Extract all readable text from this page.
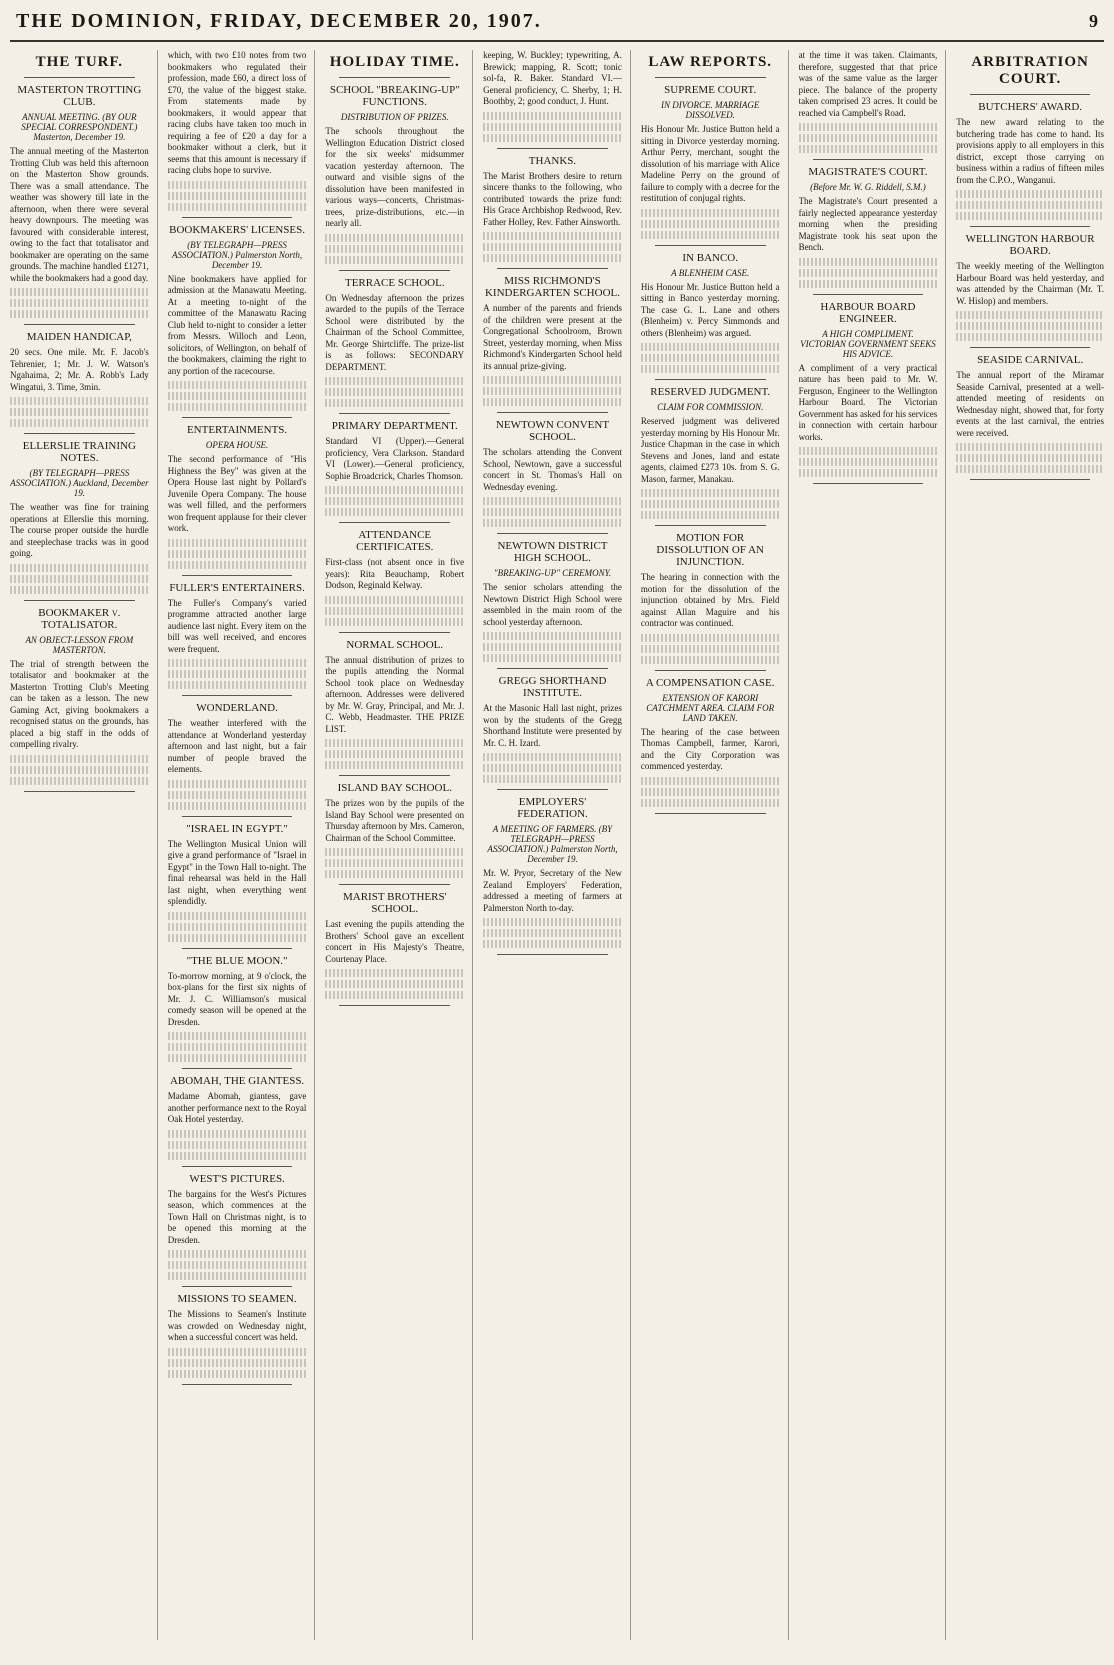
THE DOMINION, FRIDAY, DECEMBER 20, 1907.	9
THE TURF.
MASTERTON TROTTING CLUB.
ANNUAL MEETING. (BY OUR SPECIAL CORRESPONDENT.) Masterton, December 19.

The annual meeting of the Masterton Trotting Club was held this afternoon on the Masterton Show grounds. There was a small attendance. The weather was showery till late in the afternoon, when there were several heavy downpours. The meeting was favoured with considerable interest, owing to the fact that totalisator and bookmaker are operating on the same grounds. The machine handled £1271, while the bookmakers had a good day.

MAIDEN HANDICAP,

20 secs. One mile. Mr. F. Jacob's Tehrenier, 1; Mr. J. W. Watson's Ngahaima, 2; Mr. A. Robb's Lady Wingatui, 3. Time, 3min.

ELLERSLIE TRAINING NOTES.
(BY TELEGRAPH—PRESS ASSOCIATION.) Auckland, December 19.

The weather was fine for training operations at Ellerslie this morning. The course proper outside the hurdle and steeplechase tracks was in good going.

BOOKMAKER v. TOTALISATOR.
AN OBJECT-LESSON FROM MASTERTON.

The trial of strength between the totalisator and bookmaker at the Masterton Trotting Club's Meeting can be taken as a lesson. The new Gaming Act, giving bookmakers a recognised status on the grounds, has placed a big staff in the odds of compelling rivalry.

which, with two £10 notes from two bookmakers who regulated their profession, made £60, a direct loss of £70, the value of the biggest stake. From statements made by bookmakers, it would appear that racing clubs have taken too much in requiring a fee of £20 a day for a bookmaker without a clerk, but it seems that this amount is necessary if racing clubs hope to survive.

BOOKMAKERS' LICENSES.
(BY TELEGRAPH—PRESS ASSOCIATION.) Palmerston North, December 19.

Nine bookmakers have applied for admission at the Manawatu Meeting. At a meeting to-night of the committee of the Manawatu Racing Club held to-night to consider a letter from Messrs. Willoch and Leon, solicitors, of Wellington, on behalf of the bookmakers, claiming the right to any portion of the racecourse.

ENTERTAINMENTS.
OPERA HOUSE.

The second performance of "His Highness the Bey" was given at the Opera House last night by Pollard's Juvenile Opera Company. The house was well filled, and the performers won frequent applause for their clever work.

FULLER'S ENTERTAINERS.

The Fuller's Company's varied programme attracted another large audience last night. Every item on the bill was well received, and encores were frequent.

WONDERLAND.

The weather interfered with the attendance at Wonderland yesterday afternoon and last night, but a fair number of people braved the elements.

"ISRAEL IN EGYPT."

The Wellington Musical Union will give a grand performance of "Israel in Egypt" in the Town Hall to-night. The final rehearsal was held in the Hall last night, when everything went splendidly.

"THE BLUE MOON."

To-morrow morning, at 9 o'clock, the box-plans for the first six nights of Mr. J. C. Williamson's musical comedy season will be opened at the Dresden.

ABOMAH, THE GIANTESS.

Madame Abomah, giantess, gave another performance next to the Royal Oak Hotel yesterday.

WEST'S PICTURES.

The bargains for the West's Pictures season, which commences at the Town Hall on Christmas night, is to be opened this morning at the Dresden.

MISSIONS TO SEAMEN.

The Missions to Seamen's Institute was crowded on Wednesday night, when a successful concert was held.

HOLIDAY TIME.
SCHOOL "BREAKING-UP" FUNCTIONS.
DISTRIBUTION OF PRIZES.

The schools throughout the Wellington Education District closed for the six weeks' midsummer vacation yesterday afternoon. The outward and visible signs of the dissolution have been manifested in various ways—concerts, Christmas-trees, prize-distributions, etc.—in nearly all.

TERRACE SCHOOL.

On Wednesday afternoon the prizes awarded to the pupils of the Terrace School were distributed by the Chairman of the School Committee, Mr. George Shirtcliffe. The prize-list is as follows: SECONDARY DEPARTMENT.

PRIMARY DEPARTMENT.

Standard VI (Upper).—General proficiency, Vera Clarkson. Standard VI (Lower).—General proficiency, Sophie Broadcrick, Charles Thomson.

ATTENDANCE CERTIFICATES.

First-class (not absent once in five years): Rita Beauchamp, Robert Dodson, Reginald Kelway.

NORMAL SCHOOL.

The annual distribution of prizes to the pupils attending the Normal School took place on Wednesday afternoon. Addresses were delivered by Mr. W. Gray, Principal, and Mr. J. C. Webb, Headmaster. THE PRIZE LIST.

ISLAND BAY SCHOOL.

The prizes won by the pupils of the Island Bay School were presented on Thursday afternoon by Mrs. Cameron, Chairman of the School Committee.

MARIST BROTHERS' SCHOOL.

Last evening the pupils attending the Brothers' School gave an excellent concert in His Majesty's Theatre, Courtenay Place.

keeping, W. Buckley; typewriting, A. Brewick; mapping, R. Scott; tonic sol-fa, R. Baker. Standard VI.—General proficiency, C. Sherby, 1; H. Boothby, 2; good conduct, J. Hunt.

THANKS.

The Marist Brothers desire to return sincere thanks to the following, who contributed towards the prize fund: His Grace Archbishop Redwood, Rev. Father Holley, Rev. Father Ainsworth.

MISS RICHMOND'S KINDERGARTEN SCHOOL.

A number of the parents and friends of the children were present at the Congregational Schoolroom, Brown Street, yesterday morning, when Miss Richmond's Kindergarten School held its annual prize-giving.

NEWTOWN CONVENT SCHOOL.

The scholars attending the Convent School, Newtown, gave a successful concert in St. Thomas's Hall on Wednesday evening.

NEWTOWN DISTRICT HIGH SCHOOL.
"BREAKING-UP" CEREMONY.

The senior scholars attending the Newtown District High School were assembled in the main room of the school yesterday afternoon.

GREGG SHORTHAND INSTITUTE.

At the Masonic Hall last night, prizes won by the students of the Gregg Shorthand Institute were presented by Mr. C. H. Izard.

EMPLOYERS' FEDERATION.
A MEETING OF FARMERS. (BY TELEGRAPH—PRESS ASSOCIATION.) Palmerston North, December 19.

Mr. W. Pryor, Secretary of the New Zealand Employers' Federation, addressed a meeting of farmers at Palmerston North to-day.

LAW REPORTS.
SUPREME COURT.
IN DIVORCE. MARRIAGE DISSOLVED.

His Honour Mr. Justice Button held a sitting in Divorce yesterday morning. Arthur Perry, merchant, sought the dissolution of his marriage with Alice Madeline Perry on the ground of failure to comply with a decree for the restitution of conjugal rights.

IN BANCO.
A BLENHEIM CASE.

His Honour Mr. Justice Button held a sitting in Banco yesterday morning. The case G. L. Lane and others (Blenheim) v. Percy Simmonds and others (Blenheim) was argued.

RESERVED JUDGMENT.
CLAIM FOR COMMISSION.

Reserved judgment was delivered yesterday morning by His Honour Mr. Justice Chapman in the case in which Stevens and Jones, land and estate agents, claimed £273 10s. from S. G. Mason, farmer, Manakau.

MOTION FOR DISSOLUTION OF AN INJUNCTION.

The hearing in connection with the motion for the dissolution of the injunction obtained by Mrs. Field against Allan Maguire and his contractor was continued.

A COMPENSATION CASE.
EXTENSION OF KARORI CATCHMENT AREA. CLAIM FOR LAND TAKEN.

The hearing of the case between Thomas Campbell, farmer, Karori, and the City Corporation was commenced yesterday.

at the time it was taken. Claimants, therefore, suggested that that price was of the same value as the larger piece. The balance of the property taken comprised 23 acres. It could be reached via Campbell's Road.

MAGISTRATE'S COURT.
(Before Mr. W. G. Riddell, S.M.)

The Magistrate's Court presented a fairly neglected appearance yesterday morning when the presiding Magistrate took his seat upon the Bench.

HARBOUR BOARD ENGINEER.
A HIGH COMPLIMENT. VICTORIAN GOVERNMENT SEEKS HIS ADVICE.

A compliment of a very practical nature has been paid to Mr. W. Ferguson, Engineer to the Wellington Harbour Board. The Victorian Government has asked for his services in connection with certain harbour works.

ARBITRATION COURT.
BUTCHERS' AWARD.

The new award relating to the butchering trade has come to hand. Its provisions apply to all employers in this district, except those carrying on business within a radius of fifteen miles from the C.P.O., Wanganui.

WELLINGTON HARBOUR BOARD.

The weekly meeting of the Wellington Harbour Board was held yesterday, and was attended by the Chairman (Mr. T. W. Hislop) and members.

SEASIDE CARNIVAL.

The annual report of the Miramar Seaside Carnival, presented at a well-attended meeting of residents on Wednesday night, showed that, for forty events at the last carnival, the entries were received.
